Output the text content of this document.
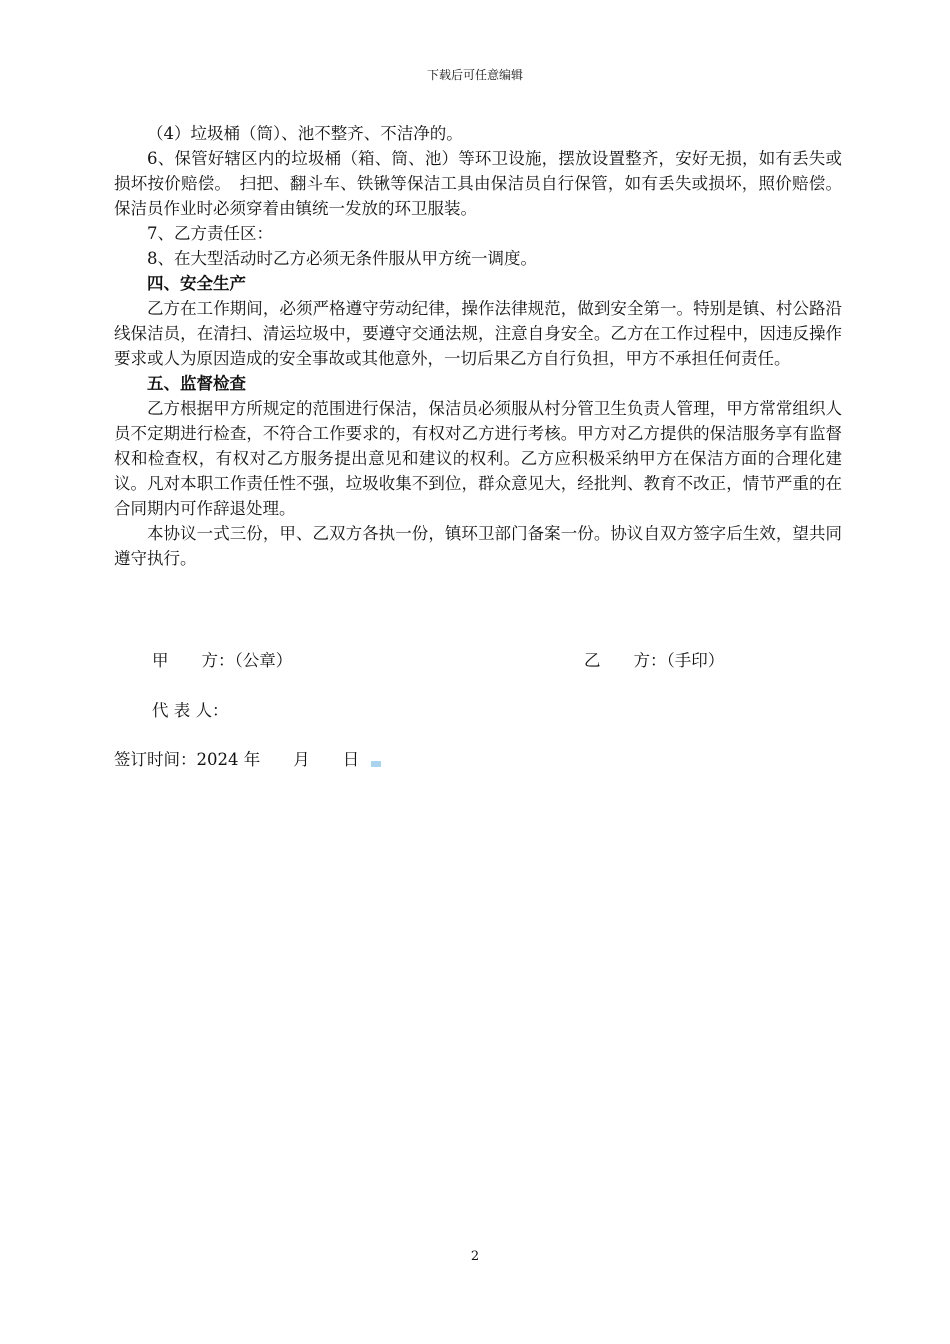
下载后可任意编辑

（4）垃圾桶（筒）、池不整齐、不洁净的。

6、保管好辖区内的垃圾桶（箱、筒、池）等环卫设施，摆放设置整齐，安好无损，如有丢失或损坏按价赔偿。　扫把、翻斗车、铁锹等保洁工具由保洁员自行保管，如有丢失或损坏，照价赔偿。保洁员作业时必须穿着由镇统一发放的环卫服装。

7、乙方责任区：

8、在大型活动时乙方必须无条件服从甲方统一调度。

四、安全生产

乙方在工作期间，必须严格遵守劳动纪律，操作法律规范，做到安全第一。特别是镇、村公路沿线保洁员，在清扫、清运垃圾中，要遵守交通法规，注意自身安全。乙方在工作过程中，因违反操作要求或人为原因造成的安全事故或其他意外，一切后果乙方自行负担，甲方不承担任何责任。

五、监督检查

乙方根据甲方所规定的范围进行保洁，保洁员必须服从村分管卫生负责人管理，甲方常常组织人员不定期进行检查，不符合工作要求的，有权对乙方进行考核。甲方对乙方提供的保洁服务享有监督权和检查权，有权对乙方服务提出意见和建议的权利。乙方应积极采纳甲方在保洁方面的合理化建议。凡对本职工作责任性不强，垃圾收集不到位，群众意见大，经批判、教育不改正，情节严重的在合同期内可作辞退处理。

本协议一式三份，甲、乙双方各执一份，镇环卫部门备案一份。协议自双方签字后生效，望共同遵守执行。

甲　　方：（公章）	乙　　方：（手印）
代 表 人：
签订时间：2024 年　　月　　日
2
